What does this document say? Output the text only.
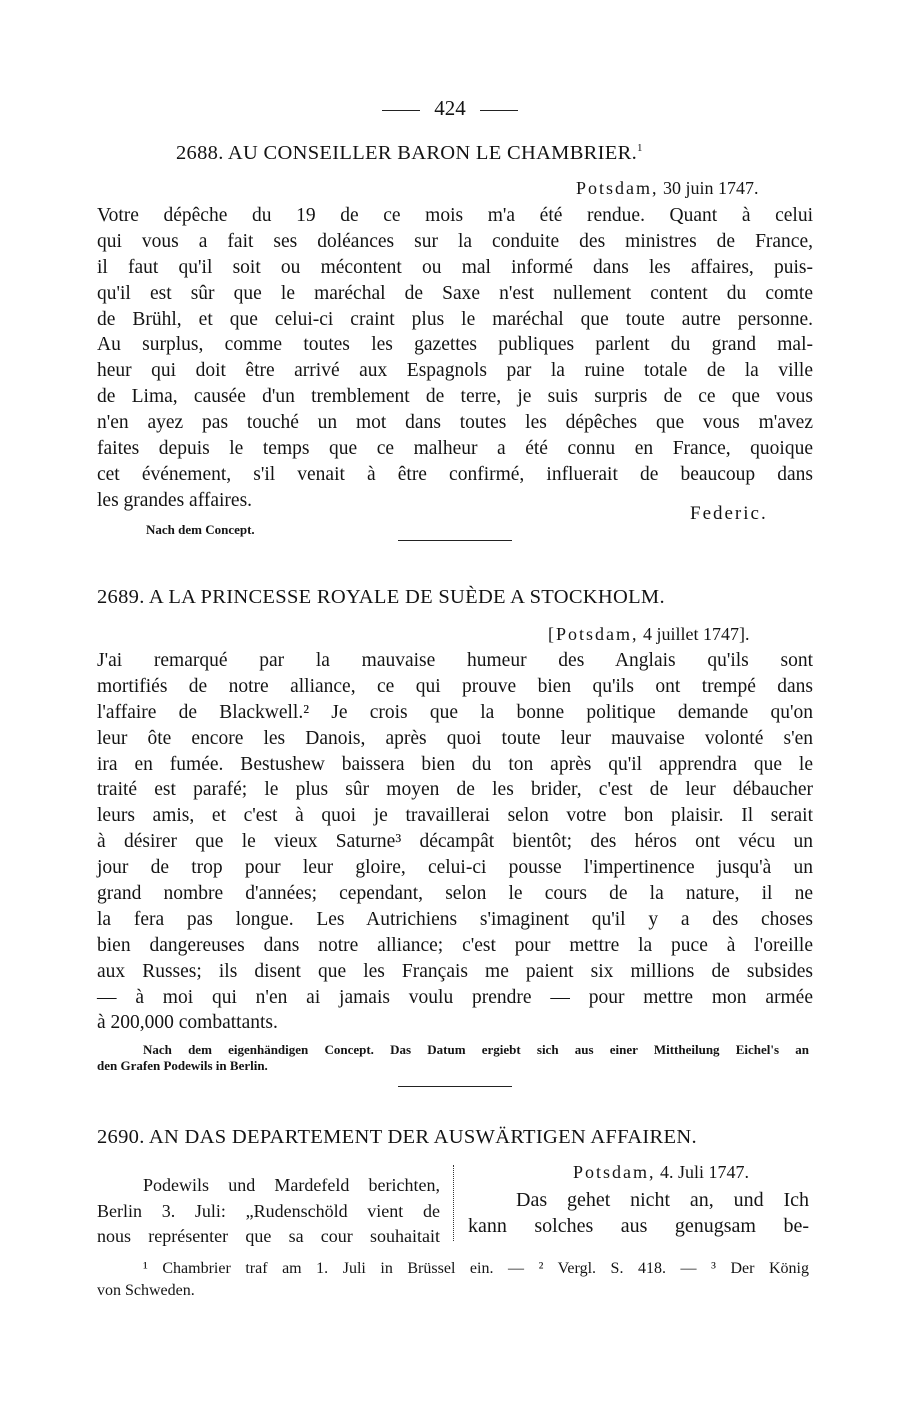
424
2688. AU CONSEILLER BARON LE CHAMBRIER.$^1$
Potsdam, 30 juin 1747.
Votre dépêche du 19 de ce mois m'a été rendue. Quant à celui
qui vous a fait ses doléances sur la conduite des ministres de France,
il faut qu'il soit ou mécontent ou mal informé dans les affaires, puis-
qu'il est sûr que le maréchal de Saxe n'est nullement content du comte
de Brühl, et que celui-ci craint plus le maréchal que toute autre personne.
Au surplus, comme toutes les gazettes publiques parlent du grand mal-
heur qui doit être arrivé aux Espagnols par la ruine totale de la ville
de Lima, causée d'un tremblement de terre, je suis surpris de ce que vous
n'en ayez pas touché un mot dans toutes les dépêches que vous m'avez
faites depuis le temps que ce malheur a été connu en France, quoique
cet événement, s'il venait à être confirmé, influerait de beaucoup dans
les grandes affaires.
Federic.
Nach dem Concept.
2689. A LA PRINCESSE ROYALE DE SUÈDE A STOCKHOLM.
[Potsdam, 4 juillet 1747].
J'ai remarqué par la mauvaise humeur des Anglais qu'ils sont
mortifiés de notre alliance, ce qui prouve bien qu'ils ont trempé dans
l'affaire de Blackwell.² Je crois que la bonne politique demande qu'on
leur ôte encore les Danois, après quoi toute leur mauvaise volonté s'en
ira en fumée. Bestushew baissera bien du ton après qu'il apprendra que le
traité est parafé; le plus sûr moyen de les brider, c'est de leur débaucher
leurs amis, et c'est à quoi je travaillerai selon votre bon plaisir. Il serait
à désirer que le vieux Saturne³ décampât bientôt; des héros ont vécu un
jour de trop pour leur gloire, celui-ci pousse l'impertinence jusqu'à un
grand nombre d'années; cependant, selon le cours de la nature, il ne
la fera pas longue. Les Autrichiens s'imaginent qu'il y a des choses
bien dangereuses dans notre alliance; c'est pour mettre la puce à l'oreille
aux Russes; ils disent que les Français me paient six millions de subsides
— à moi qui n'en ai jamais voulu prendre — pour mettre mon armée
à 200,000 combattants.
Nach dem eigenhändigen Concept. Das Datum ergiebt sich aus einer Mittheilung Eichel's an
den Grafen Podewils in Berlin.
2690. AN DAS DEPARTEMENT DER AUSWÄRTIGEN AFFAIREN.
Podewils und Mardefeld berichten,
Berlin 3. Juli: „Rudenschöld vient de
nous représenter que sa cour souhaitait
Potsdam, 4. Juli 1747.
Das gehet nicht an, und Ich
kann solches aus genugsam be-
¹ Chambrier traf am 1. Juli in Brüssel ein. — ² Vergl. S. 418. — ³ Der König
von Schweden.
